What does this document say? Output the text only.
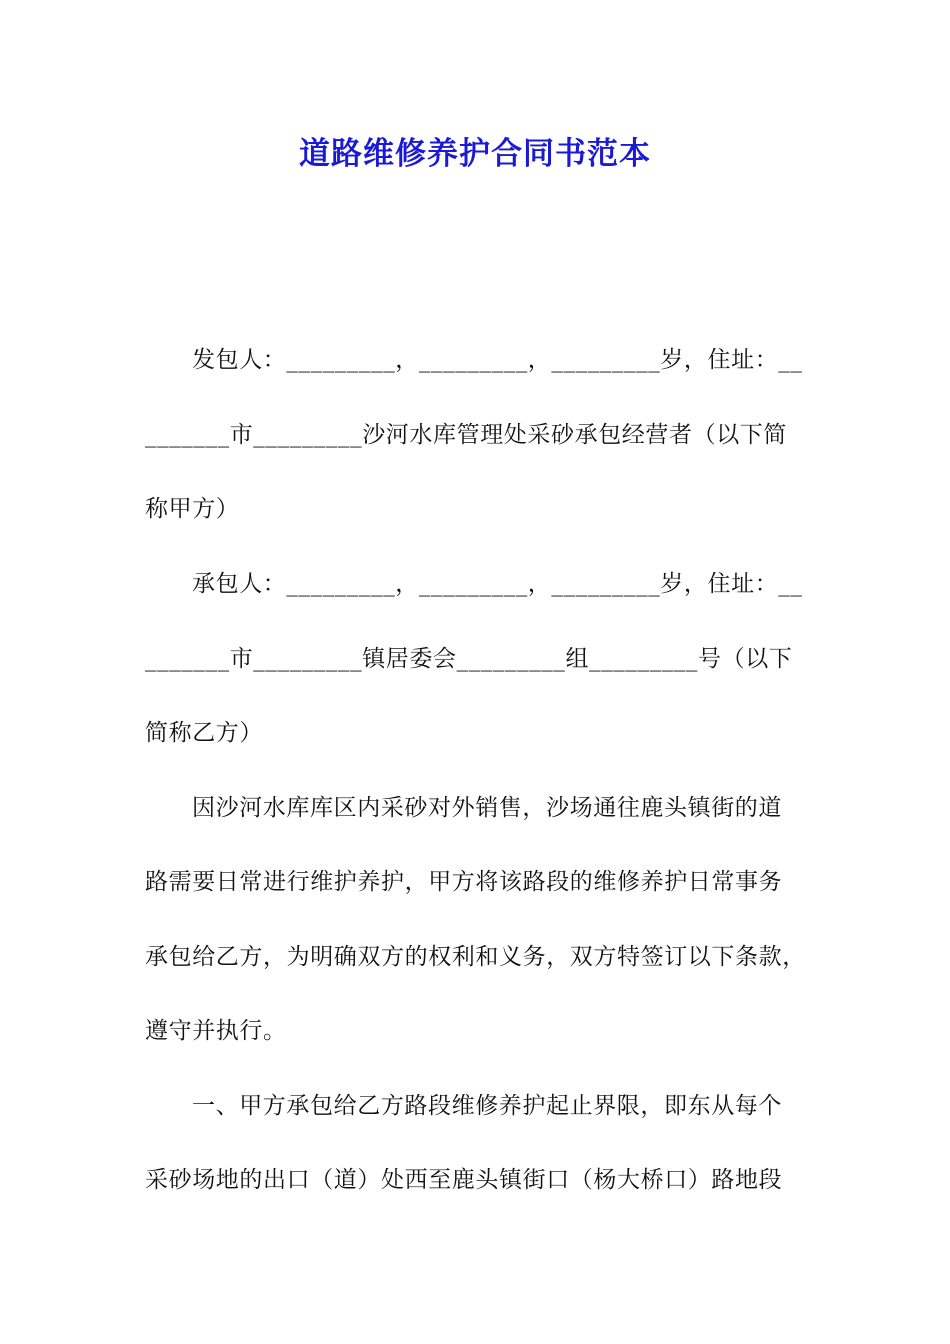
道路维修养护合同书范本
发包人：_________，_________，_________岁，住址：__
_______市_________沙河水库管理处采砂承包经营者（以下简
称甲方）
承包人：_________，_________，_________岁，住址：__
_______市_________镇居委会_________组_________号（以下
简称乙方）
因沙河水库库区内采砂对外销售，沙场通往鹿头镇街的道
路需要日常进行维护养护，甲方将该路段的维修养护日常事务
承包给乙方，为明确双方的权利和义务，双方特签订以下条款，
遵守并执行。
一、甲方承包给乙方路段维修养护起止界限，即东从每个
采砂场地的出口（道）处西至鹿头镇街口（杨大桥口）路地段
